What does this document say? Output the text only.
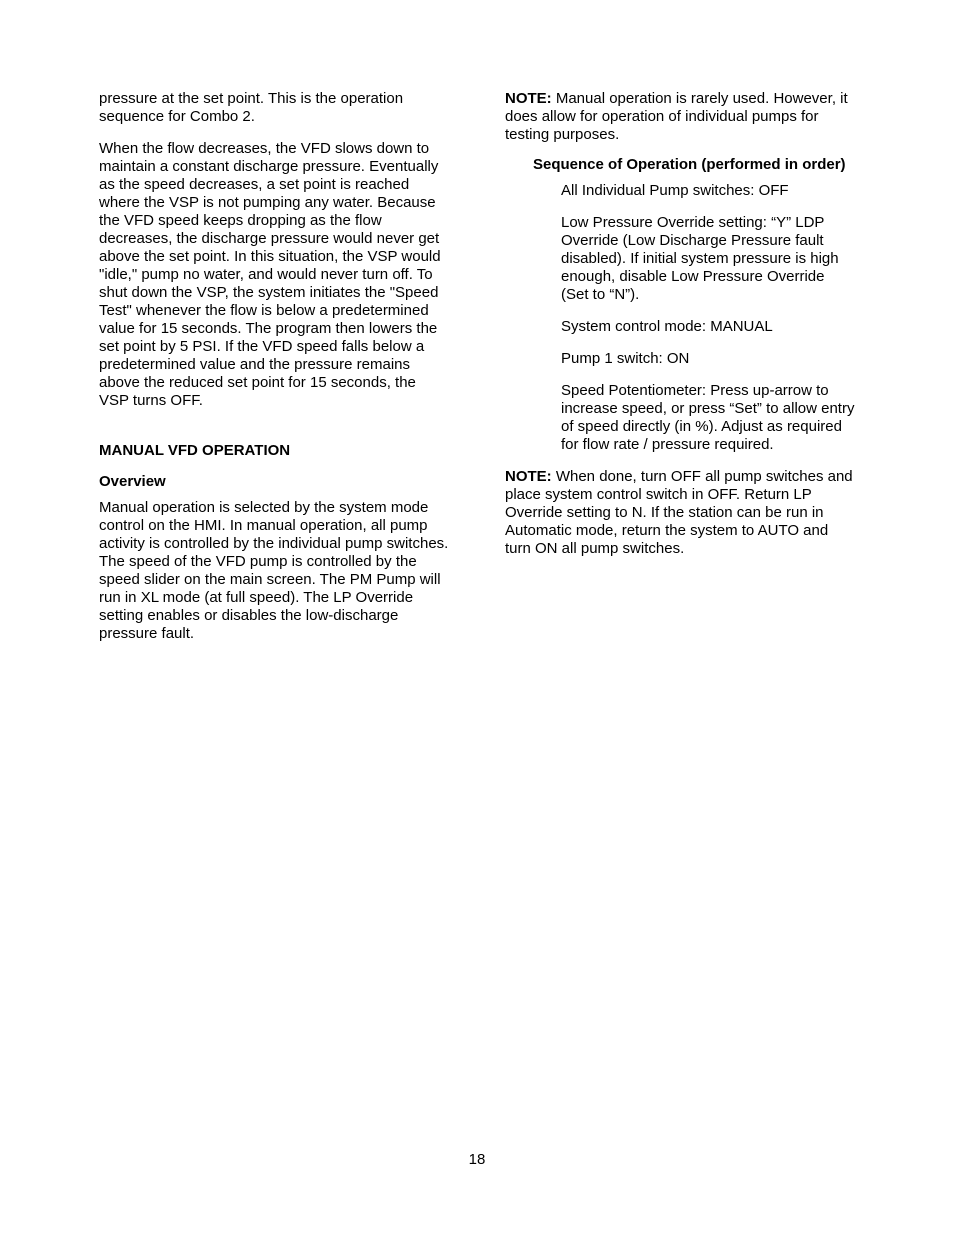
pressure at the set point. This is the operation sequence for Combo 2.

When the flow decreases, the VFD slows down to maintain a constant discharge pressure. Eventually as the speed decreases, a set point is reached where the VSP is not pumping any water. Because the VFD speed keeps dropping as the flow decreases, the discharge pressure would never get above the set point. In this situation, the VSP would "idle," pump no water, and would never turn off. To shut down the VSP, the system initiates the "Speed Test" whenever the flow is below a predetermined value for 15 seconds. The program then lowers the set point by 5 PSI. If the VFD speed falls below a predetermined value and the pressure remains above the reduced set point for 15 seconds, the VSP turns OFF.

MANUAL VFD OPERATION

Overview

Manual operation is selected by the system mode control on the HMI. In manual operation, all pump activity is controlled by the individual pump switches. The speed of the VFD pump is controlled by the speed slider on the main screen. The PM Pump will run in XL mode (at full speed). The LP Override setting enables or disables the low-discharge pressure fault.

NOTE: Manual operation is rarely used. However, it does allow for operation of individual pumps for testing purposes.

Sequence of Operation (performed in order)

All Individual Pump switches: OFF

Low Pressure Override setting: “Y” LDP Override (Low Discharge Pressure fault disabled). If initial system pressure is high enough, disable Low Pressure Override (Set to “N”).

System control mode: MANUAL

Pump 1 switch: ON

Speed Potentiometer: Press up-arrow to increase speed, or press “Set” to allow entry of speed directly (in %). Adjust as required for flow rate / pressure required.

NOTE: When done, turn OFF all pump switches and place system control switch in OFF. Return LP Override setting to N. If the station can be run in Automatic mode, return the system to AUTO and turn ON all pump switches.

18
